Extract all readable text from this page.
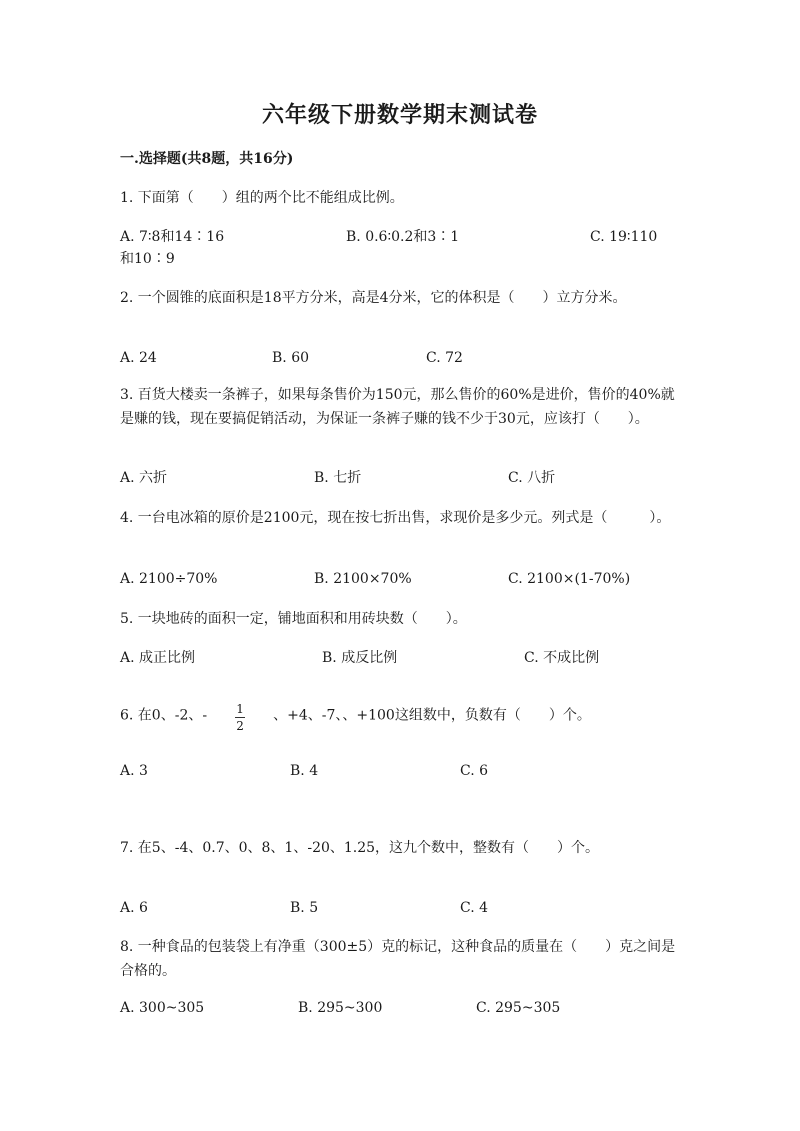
六年级下册数学期末测试卷
一.选择题(共8题，共16分)

1. 下面第（　　）组的两个比不能组成比例。

A. 7∶8和14∶16	B. 0.6∶0.2和3∶1	C. 19∶110
和10∶9

2. 一个圆锥的底面积是18平方分米，高是4分米，它的体积是（　　）立方分米。

A. 24	B. 60	C. 72

3. 百货大楼卖一条裤子，如果每条售价为150元，那么售价的60%是进价，售价的40%就是赚的钱，现在要搞促销活动，为保证一条裤子赚的钱不少于30元，应该打（　　）。

A. 六折	B. 七折	C. 八折

4. 一台电冰箱的原价是2100元，现在按七折出售，求现价是多少元。列式是（　　　）。

A. 2100÷70%	B. 2100×70%	C. 2100×(1-70%)

5. 一块地砖的面积一定，铺地面积和用砖块数（　　）。

A. 成正比例	B. 成反比例	C. 不成比例

6. 在0、-2、- $\frac{1}{2}$ 、+4、-7、、+100这组数中，负数有（　　）个。

A. 3	B. 4	C. 6

7. 在5、-4、0.7、0、8、1、-20、1.25，这九个数中，整数有（　　）个。

A. 6	B. 5	C. 4

8. 一种食品的包装袋上有净重（300±5）克的标记，这种食品的质量在（　　）克之间是合格的。

A. 300~305	B. 295~300	C. 295~305
